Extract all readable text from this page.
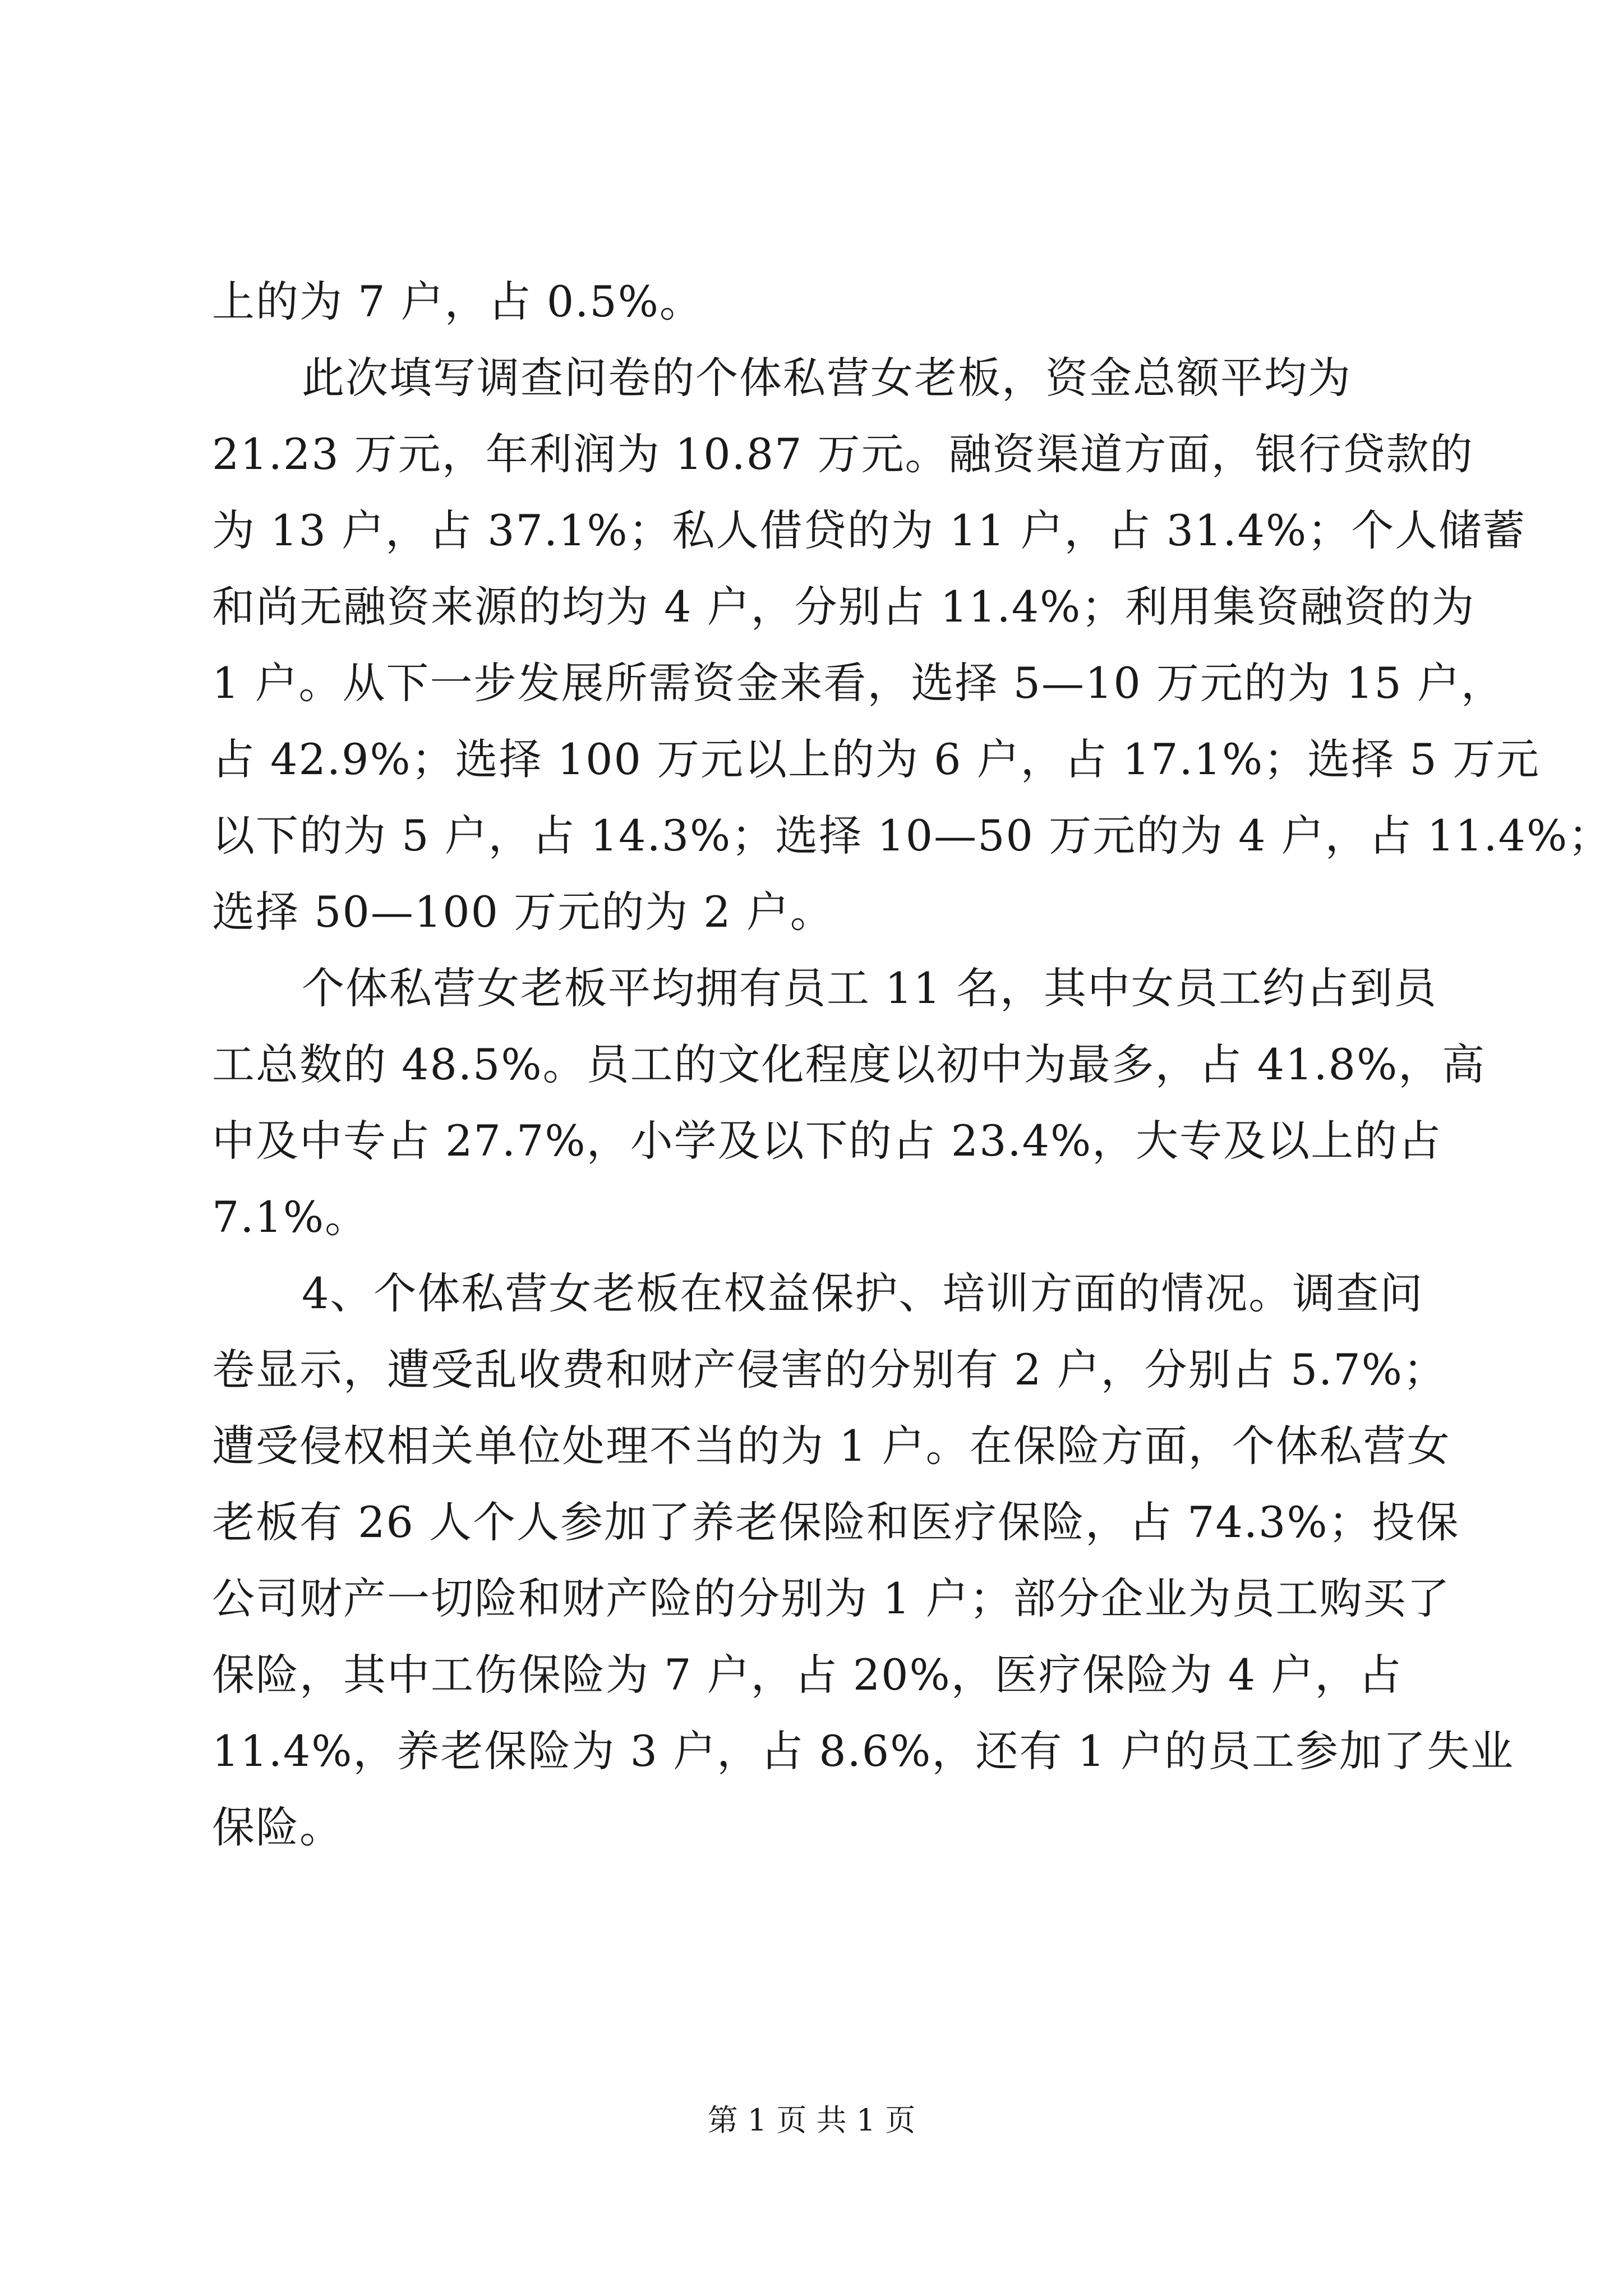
上的为 7 户，占 0.5%。
此次填写调查问卷的个体私营女老板，资金总额平均为
21.23 万元，年利润为 10.87 万元。融资渠道方面，银行贷款的
为 13 户，占 37.1%；私人借贷的为 11 户，占 31.4%；个人储蓄
和尚无融资来源的均为 4 户，分别占 11.4%；利用集资融资的为
1 户。从下一步发展所需资金来看，选择 5—10 万元的为 15 户，
占 42.9%；选择 100 万元以上的为 6 户，占 17.1%；选择 5 万元
以下的为 5 户，占 14.3%；选择 10—50 万元的为 4 户，占 11.4%；
选择 50—100 万元的为 2 户。
个体私营女老板平均拥有员工 11 名，其中女员工约占到员
工总数的 48.5%。员工的文化程度以初中为最多，占 41.8%，高
中及中专占 27.7%，小学及以下的占 23.4%，大专及以上的占
7.1%。
4、个体私营女老板在权益保护、培训方面的情况。调查问
卷显示，遭受乱收费和财产侵害的分别有 2 户，分别占 5.7%；
遭受侵权相关单位处理不当的为 1 户。在保险方面，个体私营女
老板有 26 人个人参加了养老保险和医疗保险，占 74.3%；投保
公司财产一切险和财产险的分别为 1 户；部分企业为员工购买了
保险，其中工伤保险为 7 户，占 20%，医疗保险为 4 户，占
11.4%，养老保险为 3 户，占 8.6%，还有 1 户的员工参加了失业
保险。
第 1 页 共 1 页
